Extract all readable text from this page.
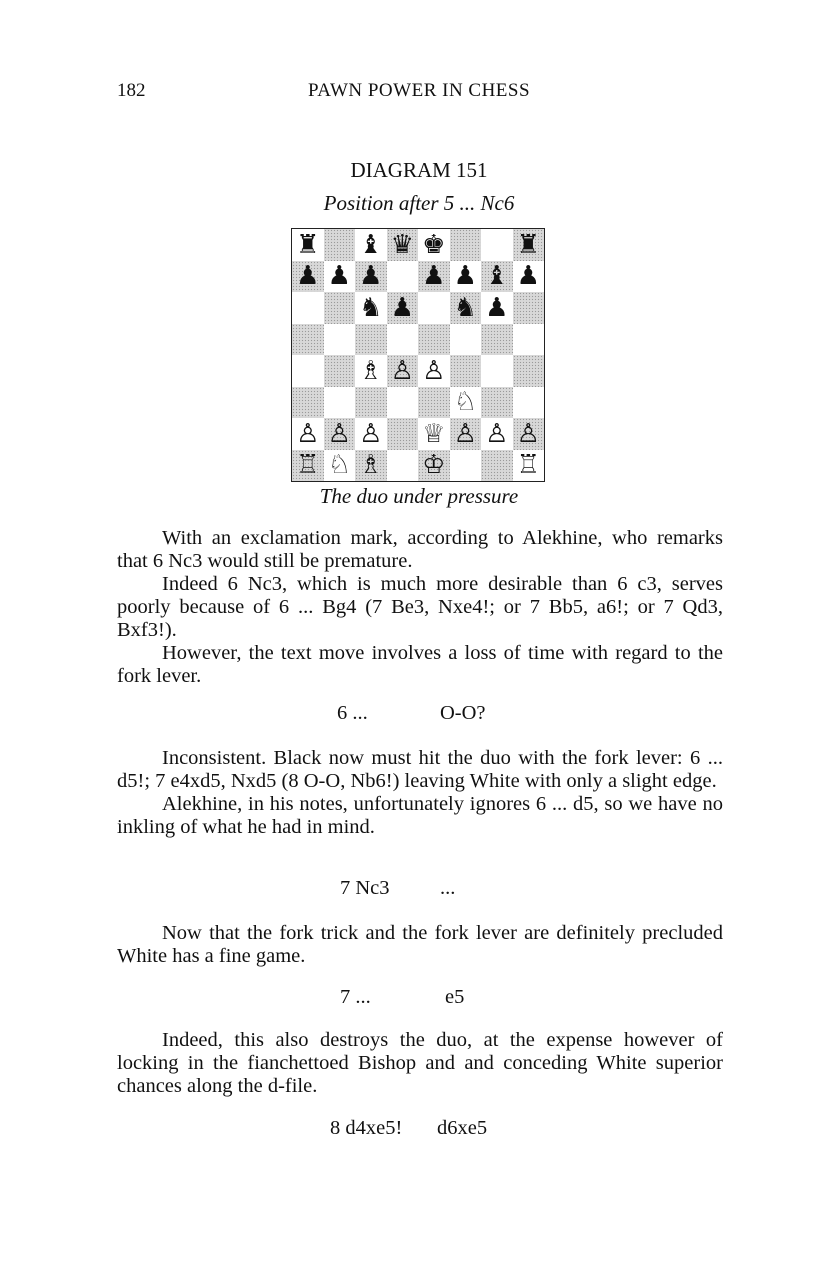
182	PAWN POWER IN CHESS
DIAGRAM 151
Position after 5 ... Nc6
♜ ♝ ♛ ♚	♜
♟ ♟ ♟ ♟ ♟ ♝ ♟
♞ ♟ ♞ ♟
♗ ♙ ♙
♘
♙ ♙ ♙ ♕ ♙ ♙ ♙
♖ ♘ ♗ ♔	♖
The duo under pressure

With an exclamation mark, according to Alekhine, who remarks that 6 Nc3 would still be premature.

Indeed 6 Nc3, which is much more desirable than 6 c3, serves poorly because of 6 ... Bg4 (7 Be3, Nxe4!; or 7 Bb5, a6!; or 7 Qd3, Bxf3!).

However, the text move involves a loss of time with regard to the fork lever.

6 ...	O-O?

Inconsistent. Black now must hit the duo with the fork lever: 6 ... d5!; 7 e4xd5, Nxd5 (8 O-O, Nb6!) leaving White with only a slight edge.

Alekhine, in his notes, unfortunately ignores 6 ... d5, so we have no inkling of what he had in mind.

7 Nc3 ...

Now that the fork trick and the fork lever are definitely precluded White has a fine game.

7 ...	e5

Indeed, this also destroys the duo, at the expense however of locking in the fianchettoed Bishop and and conceding White superior chances along the d-file.

8 d4xe5! d6xe5
